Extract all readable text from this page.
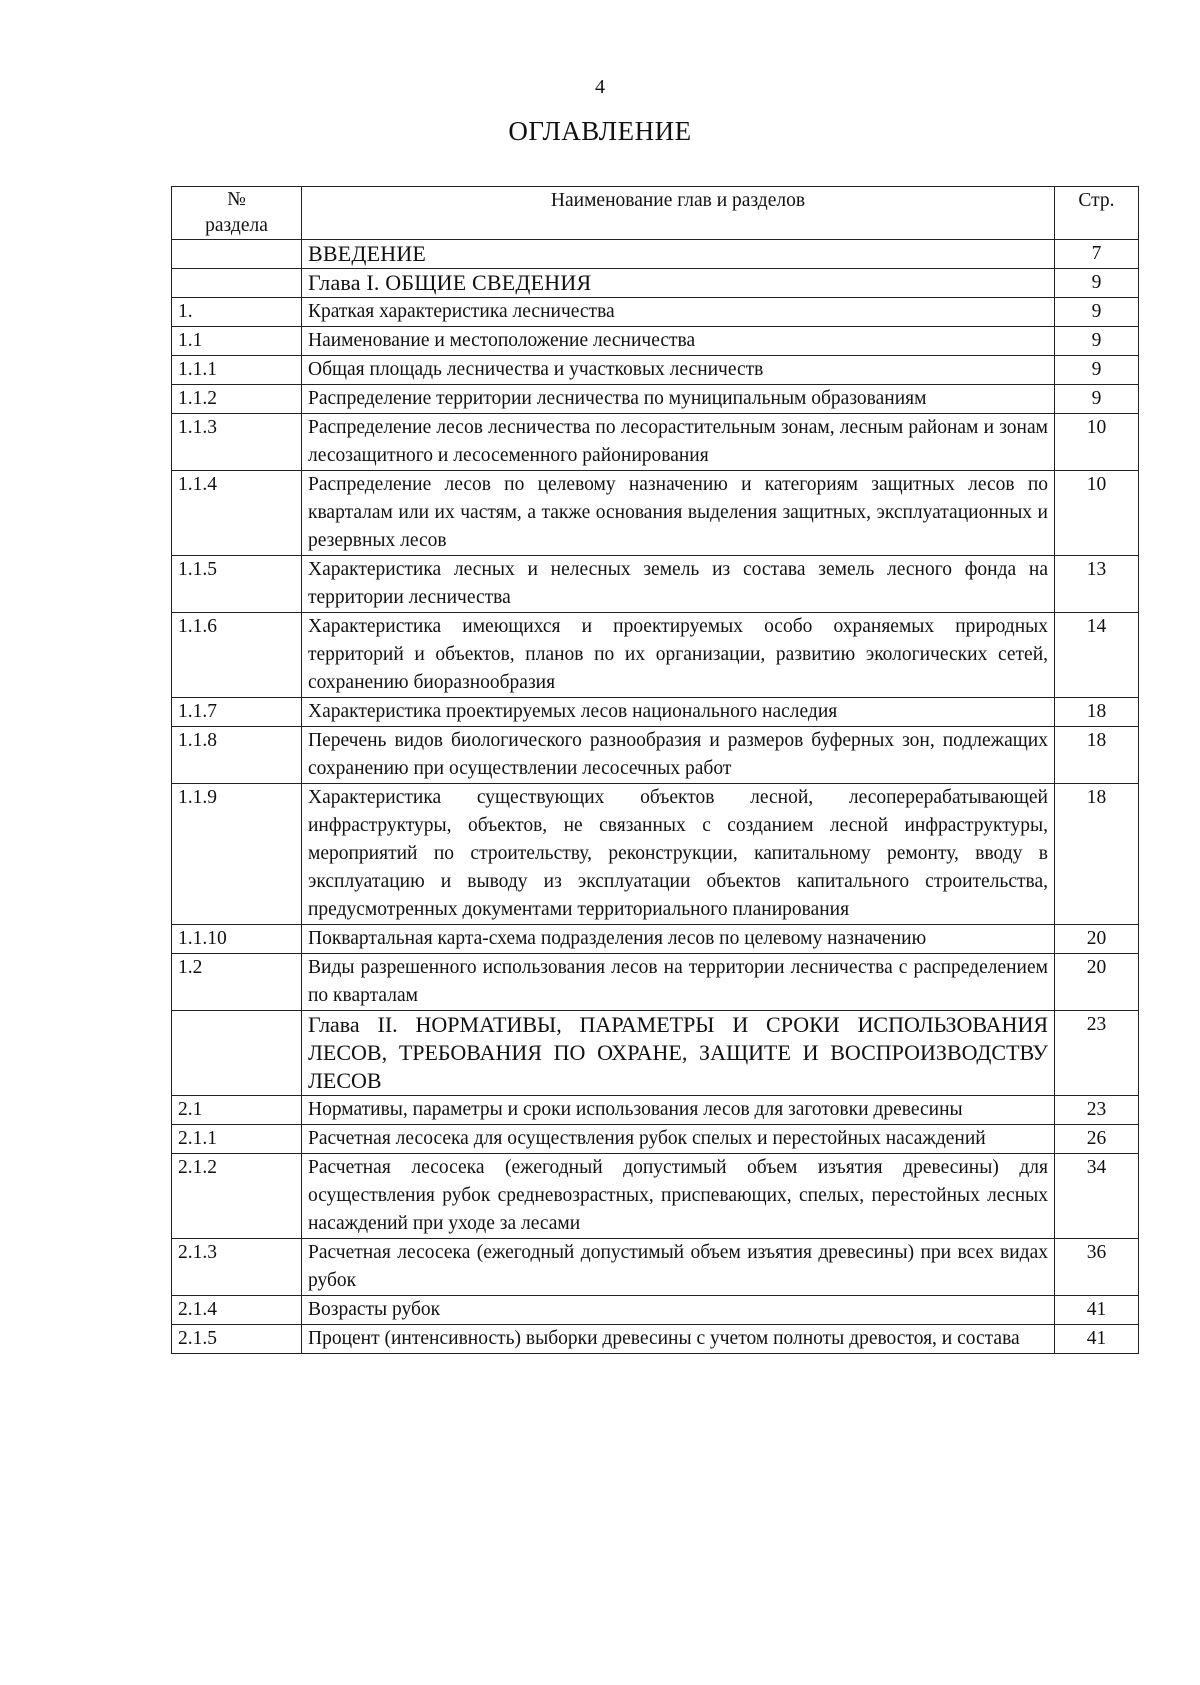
4
ОГЛАВЛЕНИЕ
№
раздела	Наименование глав и разделов	Стр.
	ВВЕДЕНИЕ	7
	Глава I. ОБЩИЕ СВЕДЕНИЯ	9
1.	Краткая характеристика лесничества	9
1.1	Наименование и местоположение лесничества	9
1.1.1	Общая площадь лесничества и участковых лесничеств	9
1.1.2	Распределение территории лесничества по муниципальным образованиям	9
1.1.3	Распределение лесов лесничества по лесорастительным зонам, лесным районам и зонам лесозащитного и лесосеменного районирования	10
1.1.4	Распределение лесов по целевому назначению и категориям защитных лесов по кварталам или их частям, а также основания выделения защитных, эксплуатационных и резервных лесов	10
1.1.5	Характеристика лесных и нелесных земель из состава земель лесного фонда на территории лесничества	13
1.1.6	Характеристика имеющихся и проектируемых особо охраняемых природных территорий и объектов, планов по их организации, развитию экологических сетей, сохранению биоразнообразия	14
1.1.7	Характеристика проектируемых лесов национального наследия	18
1.1.8	Перечень видов биологического разнообразия и размеров буферных зон, подлежащих сохранению при осуществлении лесосечных работ	18
1.1.9	Характеристика существующих объектов лесной, лесоперерабатывающей инфраструктуры, объектов, не связанных с созданием лесной инфраструктуры, мероприятий по строительству, реконструкции, капитальному ремонту, вводу в эксплуатацию и выводу из эксплуатации объектов капитального строительства, предусмотренных документами территориального планирования	18
1.1.10	Поквартальная карта-схема подразделения лесов по целевому назначению	20
1.2	Виды разрешенного использования лесов на территории лесничества с распределением по кварталам	20
	Глава II. НОРМАТИВЫ, ПАРАМЕТРЫ И СРОКИ ИСПОЛЬЗОВАНИЯ ЛЕСОВ, ТРЕБОВАНИЯ ПО ОХРАНЕ, ЗАЩИТЕ И ВОСПРОИЗВОДСТВУ ЛЕСОВ	23
2.1	Нормативы, параметры и сроки использования лесов для заготовки древесины	23
2.1.1	Расчетная лесосека для осуществления рубок спелых и перестойных насаждений	26
2.1.2	Расчетная лесосека (ежегодный допустимый объем изъятия древесины) для осуществления рубок средневозрастных, приспевающих, спелых, перестойных лесных насаждений при уходе за лесами	34
2.1.3	Расчетная лесосека (ежегодный допустимый объем изъятия древесины) при всех видах рубок	36
2.1.4	Возрасты рубок	41
2.1.5	Процент (интенсивность) выборки древесины с учетом полноты древостоя, и состава	41
